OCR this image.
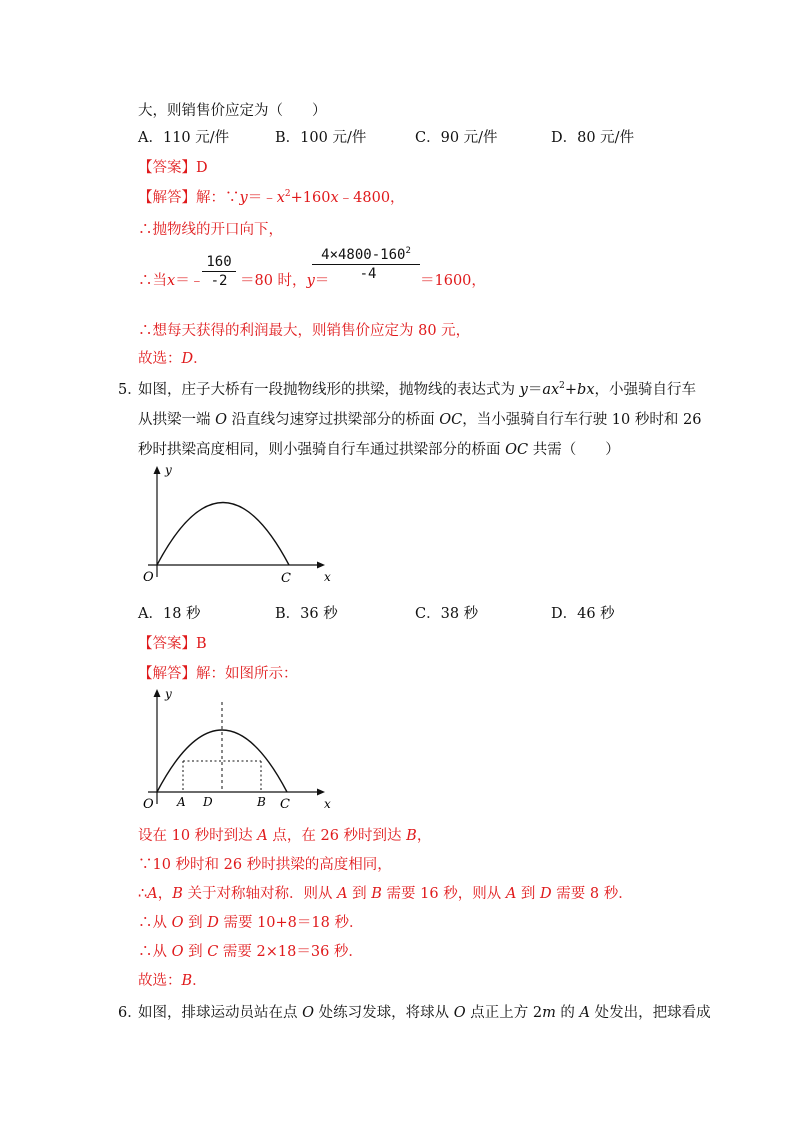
大，则销售价应定为（　　）
A．110 元/件	B．100 元/件	C．90 元/件	D．80 元/件
【答案】D
【解答】解：$\because y=﹣x^2+160x﹣4800$，
∴抛物线的开口向下，
∴当x＝﹣
$\frac{160}{-2} =80$ 时，y＝
$\frac{4\times 4800-160^2}{-4} =1600$，
∴想每天获得的利润最大，则销售价应定为 80 元，
故选：D．
5．
如图，庄子大桥有一段抛物线形的拱梁，抛物线的表达式为 $y=ax^2+bx$，小强骑自行车
从拱梁一端 O 沿直线匀速穿过拱梁部分的桥面 OC，当小强骑自行车行驶 10 秒时和 26
秒时拱梁高度相同，则小强骑自行车通过拱梁部分的桥面 OC 共需（　　）
y
O	C	x
A．18 秒	B．36 秒	C．38 秒	D．46 秒
【答案】B
【解答】解：如图所示：
y
O A D	B C	x
设在 10 秒时到达 A 点，在 26 秒时到达 B，
∵10 秒时和 26 秒时拱梁的高度相同，
∴A，B 关于对称轴对称．则从 A 到 B 需要 16 秒，则从 A 到 D 需要 8 秒．
∴从 O 到 D 需要 10+8＝18 秒．
∴从 O 到 C 需要 2×18＝36 秒．
故选：B．
6．
如图，排球运动员站在点 O 处练习发球，将球从 O 点正上方 2m 的 A 处发出，把球看成
